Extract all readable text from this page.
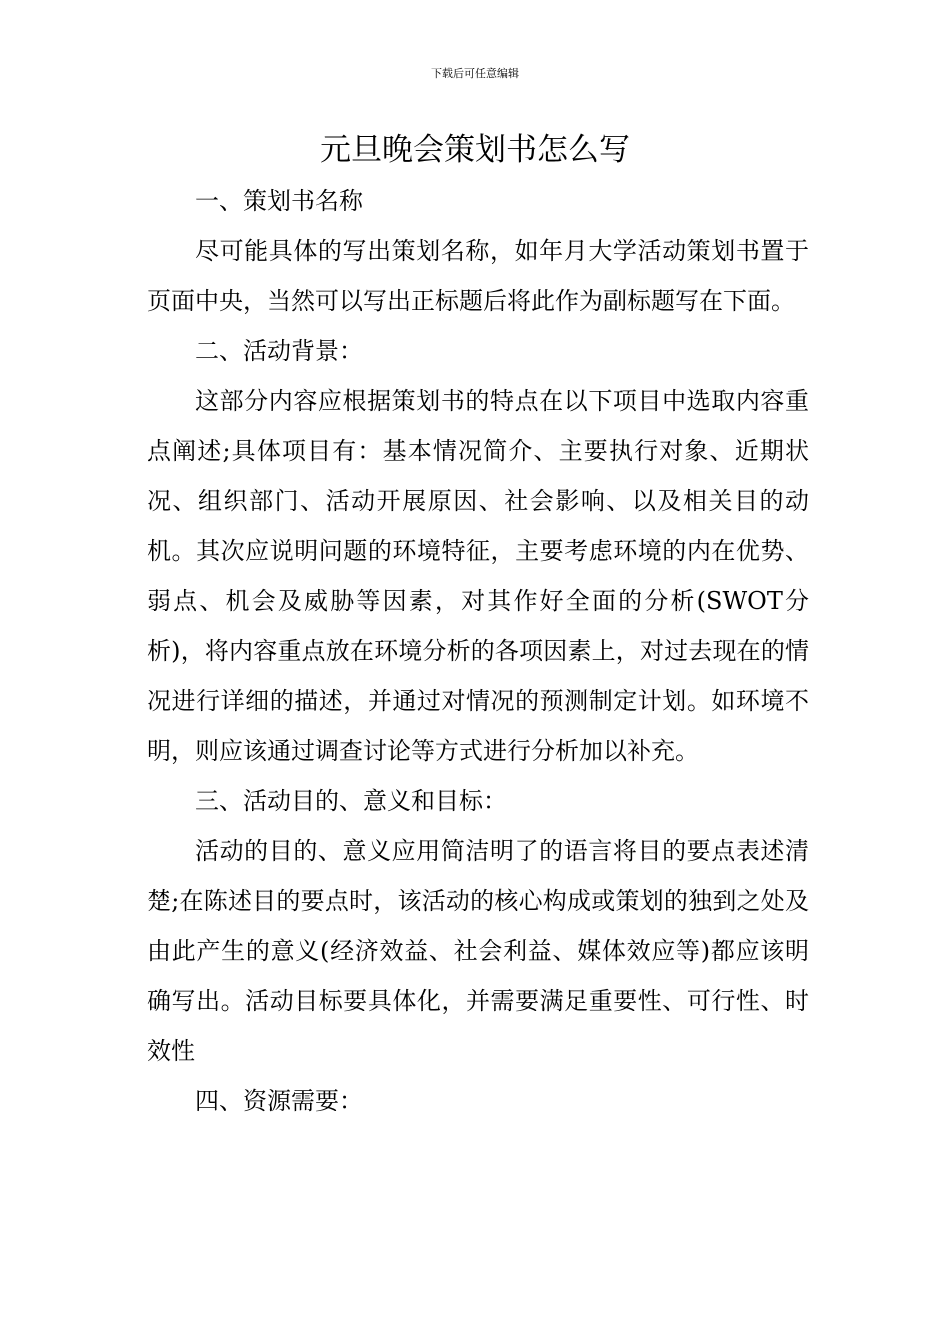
下载后可任意编辑
元旦晚会策划书怎么写

一、策划书名称

尽可能具体的写出策划名称，如年月大学活动策划书置于页面中央，当然可以写出正标题后将此作为副标题写在下面。

二、活动背景：

这部分内容应根据策划书的特点在以下项目中选取内容重点阐述;具体项目有：基本情况简介、主要执行对象、近期状况、组织部门、活动开展原因、社会影响、以及相关目的动机。其次应说明问题的环境特征，主要考虑环境的内在优势、弱点、机会及威胁等因素，对其作好全面的分析(SWOT分析)，将内容重点放在环境分析的各项因素上，对过去现在的情况进行详细的描述，并通过对情况的预测制定计划。如环境不明，则应该通过调查讨论等方式进行分析加以补充。

三、活动目的、意义和目标：

活动的目的、意义应用简洁明了的语言将目的要点表述清楚;在陈述目的要点时，该活动的核心构成或策划的独到之处及由此产生的意义(经济效益、社会利益、媒体效应等)都应该明确写出。活动目标要具体化，并需要满足重要性、可行性、时效性

四、资源需要：
